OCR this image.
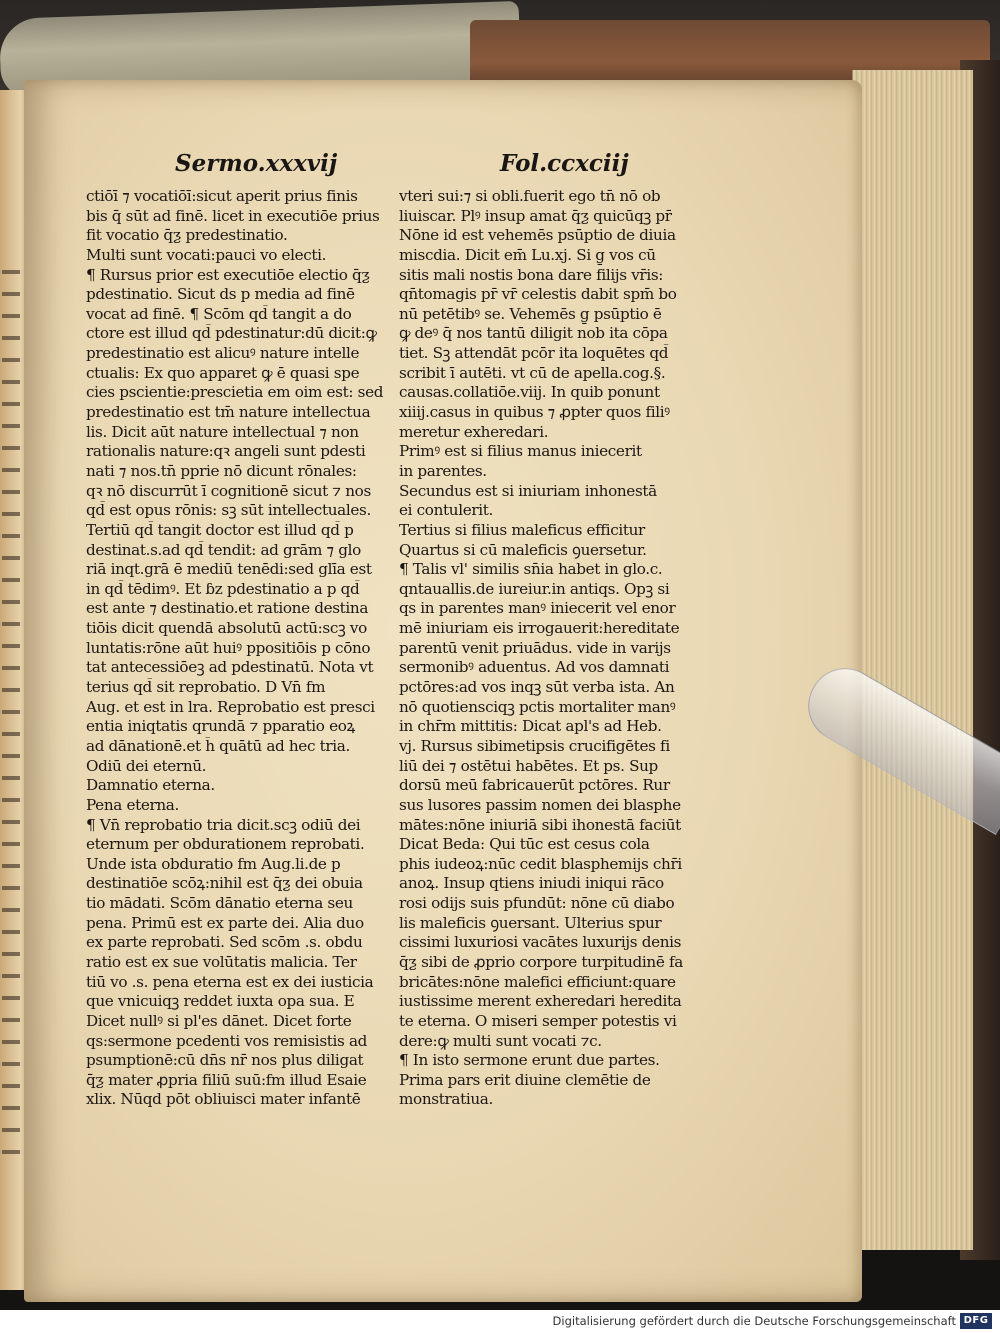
Sermo.xxxvij	Fol.ccxciij
ctiōī ⁊ vocatiōī:sicut aperit prius finis
bis q̄ sūt ad finē. licet in executiōe prius
fit vocatio q̄ƺ predestinatio.
Multi sunt vocati:pauci vo electi.
¶ Rursus prior est executiōe electio q̄ƺ
pdestinatio. Sicut ds p media ad finē
vocat ad finē. ¶ Scōm qd̄ tangit a do
ctore est illud qd̄ pdestinatur:dū dicit:ꝙ
predestinatio est alicuꝰ nature intelle
ctualis: Ex quo apparet ꝙ ē quasi spe
cies pscientie:prescietia em oim est: sed
predestinatio est tm̄ nature intellectua
lis. Dicit aūt nature intellectual ⁊ non
rationalis nature:qꝛ angeli sunt pdesti
nati ⁊ nos.tn̄ pprie nō dicunt rōnales:
qꝛ nō discurrūt ī cognitionē sicut ⁊ nos
qd̄ est opus rōnis: sꝫ sūt intellectuales.
Tertiū qd̄ tangit doctor est illud qd̄ p
destinat.s.ad qd̄ tendit: ad grām ⁊ glo
riā inqt.grā ē mediū tenēdi:sed glīa est
in qd̄ tēdimꝰ. Et ɓz pdestinatio a p qd̄
est ante ⁊ destinatio.et ratione destina
tiōis dicit quendā absolutū actū:scꝫ vo
luntatis:rōne aūt huiꝰ ppositiōis p cōno
tat antecessiōeꝫ ad pdestinatū. Nota vt
terius qd̄ sit reprobatio. D Vn̄ fm
Aug. et est in lra. Reprobatio est presci
entia iniqtatis qrundā ⁊ pparatio eoꝝ
ad dānationē.et h̄ quātū ad hec tria.
Odiū dei eternū.
Damnatio eterna.
Pena eterna.
¶ Vn̄ reprobatio tria dicit.scꝫ odiū dei
eternum per obdurationem reprobati.
Unde ista obduratio fm Aug.li.de p
destinatiōe scōꝝ:nihil est q̄ƺ dei obuia
tio mādati. Scōm dānatio eterna seu
pena. Primū est ex parte dei. Alia duo
ex parte reprobati. Sed scōm .s. obdu
ratio est ex sue volūtatis malicia. Ter
tiū vo .s. pena eterna est ex dei iusticia
que vnicuiqꝫ reddet iuxta opa sua. E
Dicet nullꝰ si pl'es dānet. Dicet forte
qs:sermone pcedenti vos remisistis ad
psumptionē:cū dn̄s nr̄ nos plus diligat
q̄ƺ mater ꝓpria filiū suū:fm illud Esaie
xlix. Nūqd pōt obliuisci mater infantē
vteri sui:⁊ si obli.fuerit ego tn̄ nō ob
liuiscar. Plꝰ insup amat q̄ƺ quicūqꝫ pr̄
Nōne id est vehemēs psūptio de diuia
miscdia. Dicit em̄ Lu.xj. Si g̱ vos cū
sitis mali nostis bona dare filijs vr̄is:
qn̄tomagis pr̄ vr̄ celestis dabit spm̄ bo
nū petētibꝰ se. Vehemēs g̱ psūptio ē
ꝙ deꝰ q̄ nos tantū diligit nob ita cōpa
tiet. Sꝫ attendāt pcōr ita loquētes qd̄
scribit ī autēti. vt cū de apella.cog.§.
causas.collatiōe.viij. In quib ponunt
xiiij.casus in quibus ⁊ ꝓpter quos filiꝰ
meretur exheredari.
Primꝰ est si filius manus iniecerit
in parentes.
Secundus est si iniuriam inhonestā
ei contulerit.
Tertius si filius maleficus efficitur
Quartus si cū maleficis ꝯuersetur.
¶ Talis vl' similis sn̄ia habet in glo.c.
qntauallis.de iureiur.in antiqs. Opꝫ si
qs in parentes manꝰ iniecerit vel enor
mē iniuriam eis irrogauerit:hereditate
parentū venit priuādus. vide in varijs
sermonibꝰ aduentus. Ad vos damnati
pctōres:ad vos inqꝫ sūt verba ista. An
nō quotiensciqꝫ pctis mortaliter manꝰ
in chr̄m mittitis: Dicat apl's ad Heb.
vj. Rursus sibimetipsis crucifigētes fi
liū dei ⁊ ostētui habētes. Et ps. Sup
dorsū meū fabricauerūt pctōres. Rur
sus lusores passim nomen dei blasphe
mātes:nōne iniuriā sibi ihonestā faciūt
Dicat Beda: Qui tūc est cesus cola
phis iudeoꝝ:nūc cedit blasphemijs chr̄i
anoꝝ. Insup qtiens iniudi iniqui rāco
rosi odijs suis pfundūt: nōne cū diabo
lis maleficis ꝯuersant. Ulterius spur
cissimi luxuriosi vacātes luxurijs denis
q̄ƺ sibi de ꝓprio corpore turpitudinē fa
bricātes:nōne malefici efficiunt:quare
iustissime merent exheredari heredita
te eterna. O miseri semper potestis vi
dere:ꝙ multi sunt vocati ⁊c.
¶ In isto sermone erunt due partes.
Prima pars erit diuine clemētie de
monstratiua.
Digitalisierung gefördert durch die Deutsche Forschungsgemeinschaft DFG
